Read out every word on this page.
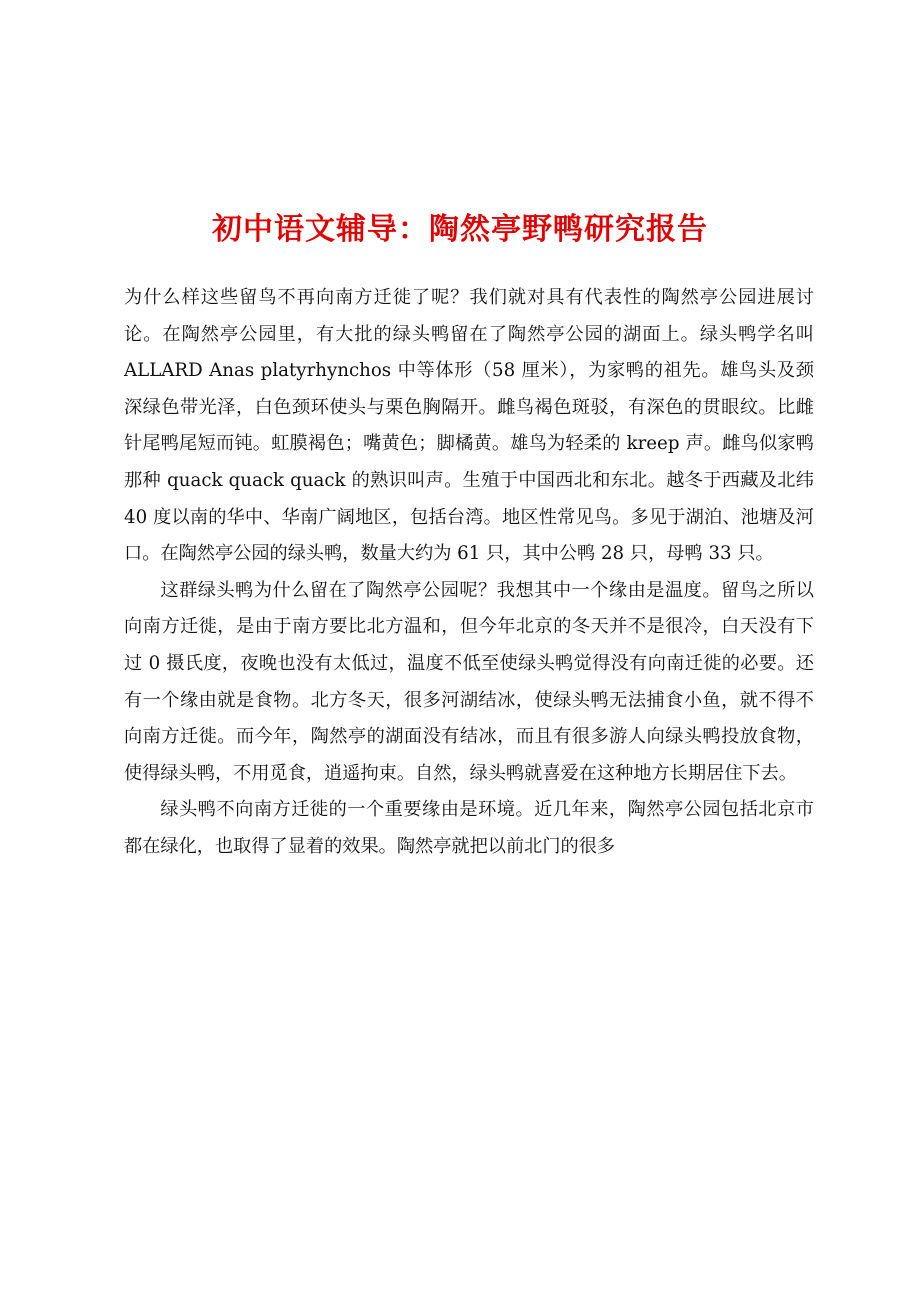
初中语文辅导：陶然亭野鸭研究报告

为什么样这些留鸟不再向南方迁徙了呢？我们就对具有代表性的陶然亭公园进展讨论。在陶然亭公园里，有大批的绿头鸭留在了陶然亭公园的湖面上。绿头鸭学名叫 ALLARD Anas platyrhynchos 中等体形（58 厘米），为家鸭的祖先。雄鸟头及颈深绿色带光泽，白色颈环使头与栗色胸隔开。雌鸟褐色斑驳，有深色的贯眼纹。比雌针尾鸭尾短而钝。虹膜褐色；嘴黄色；脚橘黄。雄鸟为轻柔的 kreep 声。雌鸟似家鸭那种 quack quack quack 的熟识叫声。生殖于中国西北和东北。越冬于西藏及北纬 40 度以南的华中、华南广阔地区，包括台湾。地区性常见鸟。多见于湖泊、池塘及河口。在陶然亭公园的绿头鸭，数量大约为 61 只，其中公鸭 28 只，母鸭 33 只。

这群绿头鸭为什么留在了陶然亭公园呢？我想其中一个缘由是温度。留鸟之所以向南方迁徙，是由于南方要比北方温和，但今年北京的冬天并不是很冷，白天没有下过 0 摄氏度，夜晚也没有太低过，温度不低至使绿头鸭觉得没有向南迁徙的必要。还有一个缘由就是食物。北方冬天，很多河湖结冰，使绿头鸭无法捕食小鱼，就不得不向南方迁徙。而今年，陶然亭的湖面没有结冰，而且有很多游人向绿头鸭投放食物，使得绿头鸭，不用觅食，逍遥拘束。自然，绿头鸭就喜爱在这种地方长期居住下去。

绿头鸭不向南方迁徙的一个重要缘由是环境。近几年来，陶然亭公园包括北京市都在绿化，也取得了显着的效果。陶然亭就把以前北门的很多
